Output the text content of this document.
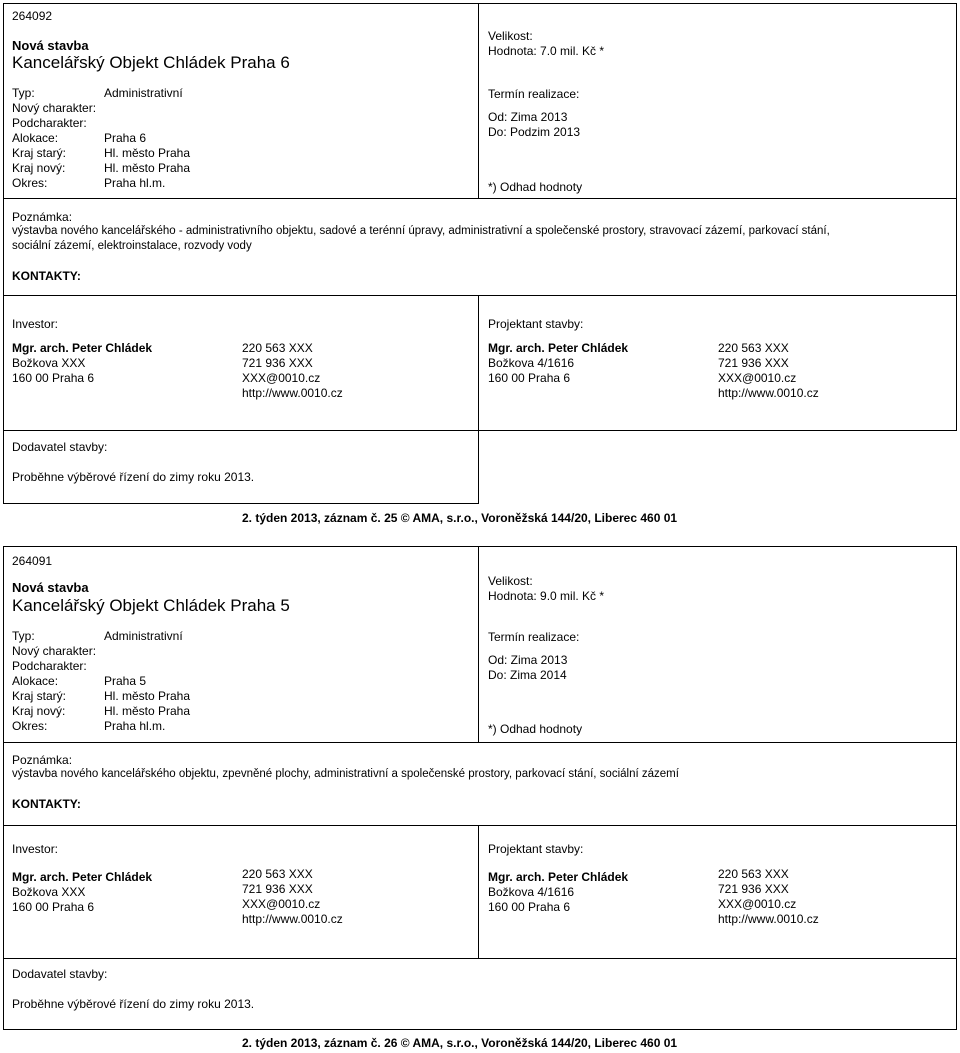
264092
Nová stavba
Kancelářský Objekt Chládek Praha 6
Typ:	Administrativní
Nový charakter:
Podcharakter:
Alokace:	Praha 6
Kraj starý:	Hl. město Praha
Kraj nový:	Hl. město Praha
Okres:	Praha hl.m.
Velikost:
Hodnota: 7.0 mil. Kč *
Termín realizace:
Od: Zima 2013
Do: Podzim 2013
*) Odhad hodnoty
Poznámka:
výstavba nového kancelářského - administrativního objektu, sadové a terénní úpravy, administrativní a společenské prostory, stravovací zázemí, parkovací stání,
sociální zázemí, elektroinstalace, rozvody vody
KONTAKTY:
Investor:
Mgr. arch. Peter Chládek
Božkova XXX
160 00 Praha 6
220 563 XXX
721 936 XXX
XXX@0010.cz
http://www.0010.cz
Projektant stavby:
Mgr. arch. Peter Chládek
Božkova 4/1616
160 00 Praha 6
220 563 XXX
721 936 XXX
XXX@0010.cz
http://www.0010.cz
Dodavatel stavby:
Proběhne výběrové řízení do zimy roku 2013.
2. týden 2013, záznam č. 25 © AMA, s.r.o., Voroněžská 144/20, Liberec 460 01
264091
Nová stavba
Kancelářský Objekt Chládek Praha 5
Typ:	Administrativní
Nový charakter:
Podcharakter:
Alokace:	Praha 5
Kraj starý:	Hl. město Praha
Kraj nový:	Hl. město Praha
Okres:	Praha hl.m.
Velikost:
Hodnota: 9.0 mil. Kč *
Termín realizace:
Od: Zima 2013
Do: Zima 2014
*) Odhad hodnoty
Poznámka:
výstavba nového kancelářského objektu, zpevněné plochy, administrativní a společenské prostory, parkovací stání, sociální zázemí
KONTAKTY:
Investor:
Mgr. arch. Peter Chládek
Božkova XXX
160 00 Praha 6
220 563 XXX
721 936 XXX
XXX@0010.cz
http://www.0010.cz
Projektant stavby:
Mgr. arch. Peter Chládek
Božkova 4/1616
160 00 Praha 6
220 563 XXX
721 936 XXX
XXX@0010.cz
http://www.0010.cz
Dodavatel stavby:
Proběhne výběrové řízení do zimy roku 2013.
2. týden 2013, záznam č. 26 © AMA, s.r.o., Voroněžská 144/20, Liberec 460 01
